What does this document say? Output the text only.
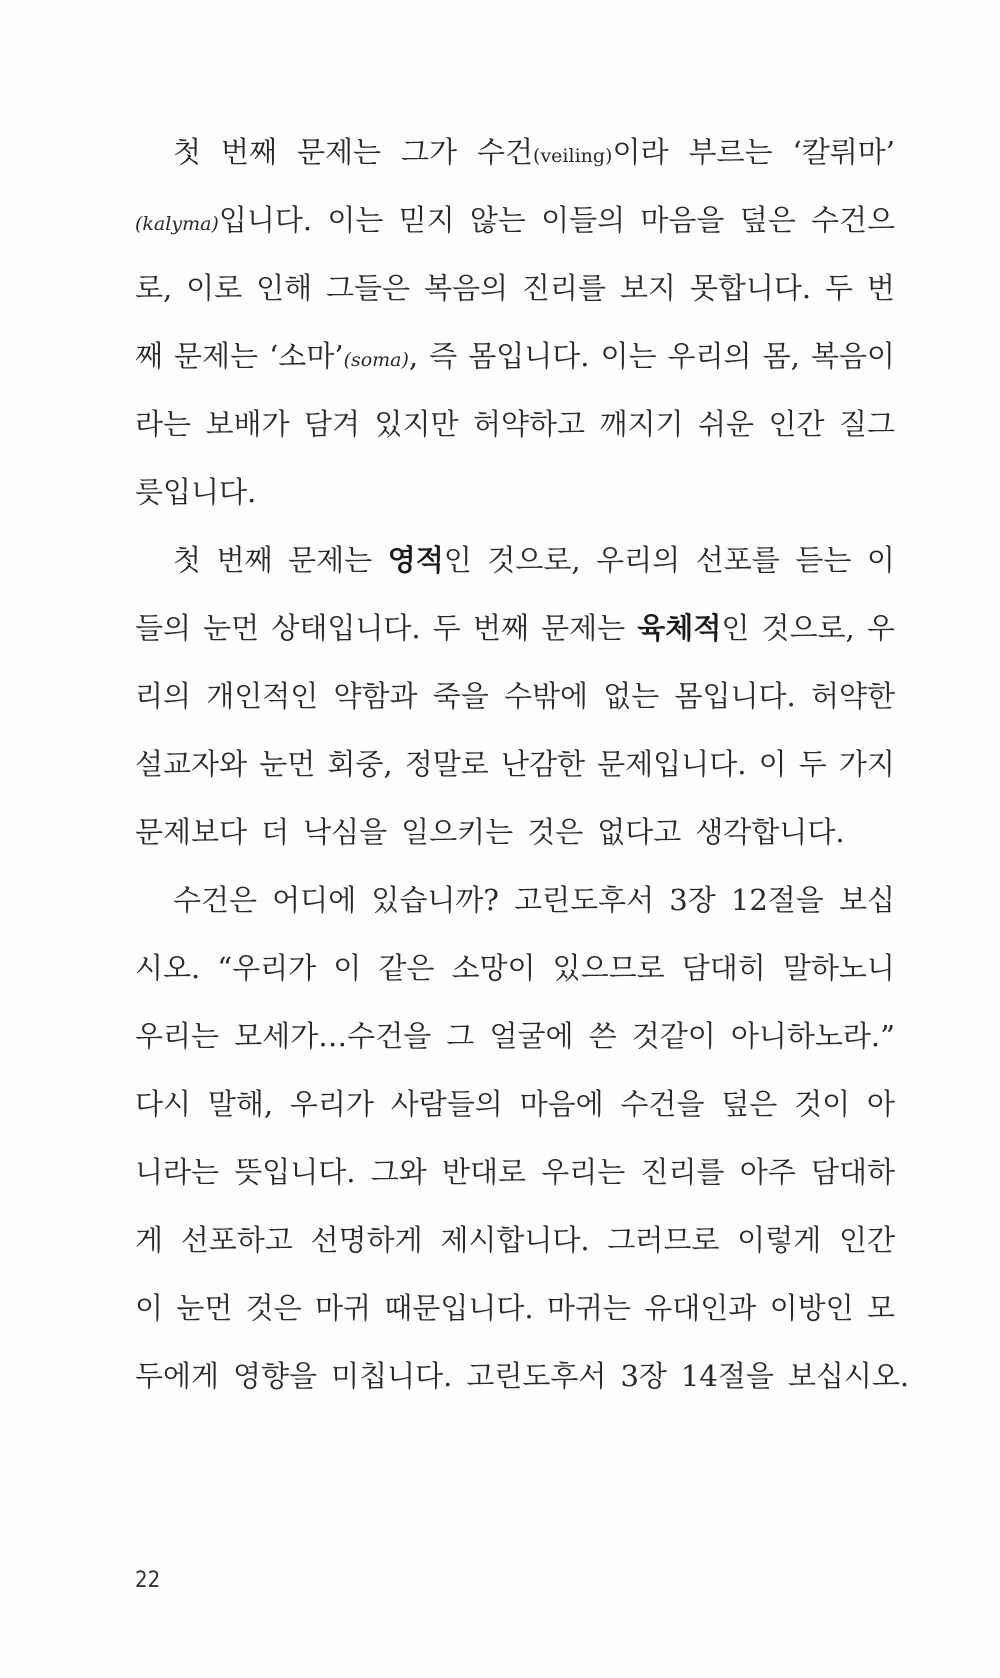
첫 번째 문제는 그가 수건(veiling)이라 부르는 ‘칼뤼마’
(kalyma)입니다. 이는 믿지 않는 이들의 마음을 덮은 수건으
로, 이로 인해 그들은 복음의 진리를 보지 못합니다. 두 번
째 문제는 ‘소마’(soma), 즉 몸입니다. 이는 우리의 몸, 복음이
라는 보배가 담겨 있지만 허약하고 깨지기 쉬운 인간 질그
릇입니다.
첫 번째 문제는 영적인 것으로, 우리의 선포를 듣는 이
들의 눈먼 상태입니다. 두 번째 문제는 육체적인 것으로, 우
리의 개인적인 약함과 죽을 수밖에 없는 몸입니다. 허약한
설교자와 눈먼 회중, 정말로 난감한 문제입니다. 이 두 가지
문제보다 더 낙심을 일으키는 것은 없다고 생각합니다.
수건은 어디에 있습니까? 고린도후서 3장 12절을 보십
시오. “우리가 이 같은 소망이 있으므로 담대히 말하노니
우리는 모세가…수건을 그 얼굴에 쓴 것같이 아니하노라.”
다시 말해, 우리가 사람들의 마음에 수건을 덮은 것이 아
니라는 뜻입니다. 그와 반대로 우리는 진리를 아주 담대하
게 선포하고 선명하게 제시합니다. 그러므로 이렇게 인간
이 눈먼 것은 마귀 때문입니다. 마귀는 유대인과 이방인 모
두에게 영향을 미칩니다. 고린도후서 3장 14절을 보십시오.
22
